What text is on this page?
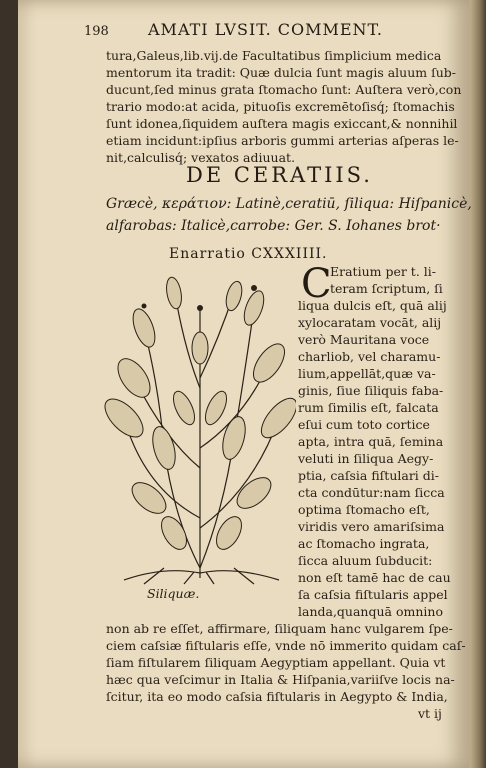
198 AMATI LVSIT. COMMENT.
tura,Galeus,lib.vij.de Facultatibus ſimplicium medica
mentorum ita tradit: Quæ dulcia ſunt magis aluum ſub-
ducunt,ſed minus grata ſtomacho ſunt: Auſtera verò,con
trario modo:at acida, pituoſis excremētoſisq́; ſtomachis
ſunt idonea,ſiquidem auſtera magis exiccant,& nonnihil
etiam incidunt:ipſius arboris gummi arterias aſperas le-
nit,calculisq́; vexatos adiuuat.
DE CERATIIS.
Græcè, κεράτιον: Latinè,ceratiū, ſiliqua: Hiſpanicè,
alfarobas: Italicè,carrobe: Ger. S. Iohanes brot·
Enarratio CXXXIIII.
C
Eratium per t. li-
teram ſcriptum, ſi
liqua dulcis eſt, quā alij
xylocaratam vocāt, alij
verò Mauritana voce
charliob, vel charamu-
lium,appellāt,quæ va-
ginis, ſiue ſiliquis faba-
rum ſimilis eſt, falcata
eſui cum toto cortice
apta, intra quā, ſemina
veluti in ſiliqua Aegy-
ptia, caſsia fiſtulari di-
cta condūtur:nam ſicca
optima ſtomacho eſt,
viridis vero amariſsima
ac ſtomacho ingrata,
ſicca aluum ſubducit:
non eſt tamē hac de cau
ſa caſsia fiſtularis appel
landa,quanquā omnino
Siliquæ.
non ab re eſſet, affirmare, ſiliquam hanc vulgarem ſpe-
ciem caſsiæ fiſtularis eſſe, vnde nō immerito quidam caſ-
ſiam fiſtularem ſiliquam Aegyptiam appellant. Quia vt
hæc qua veſcimur in Italia & Hiſpania,variiſve locis na-
ſcitur, ita eo modo caſsia fiſtularis in Aegypto & India,
vt ij
